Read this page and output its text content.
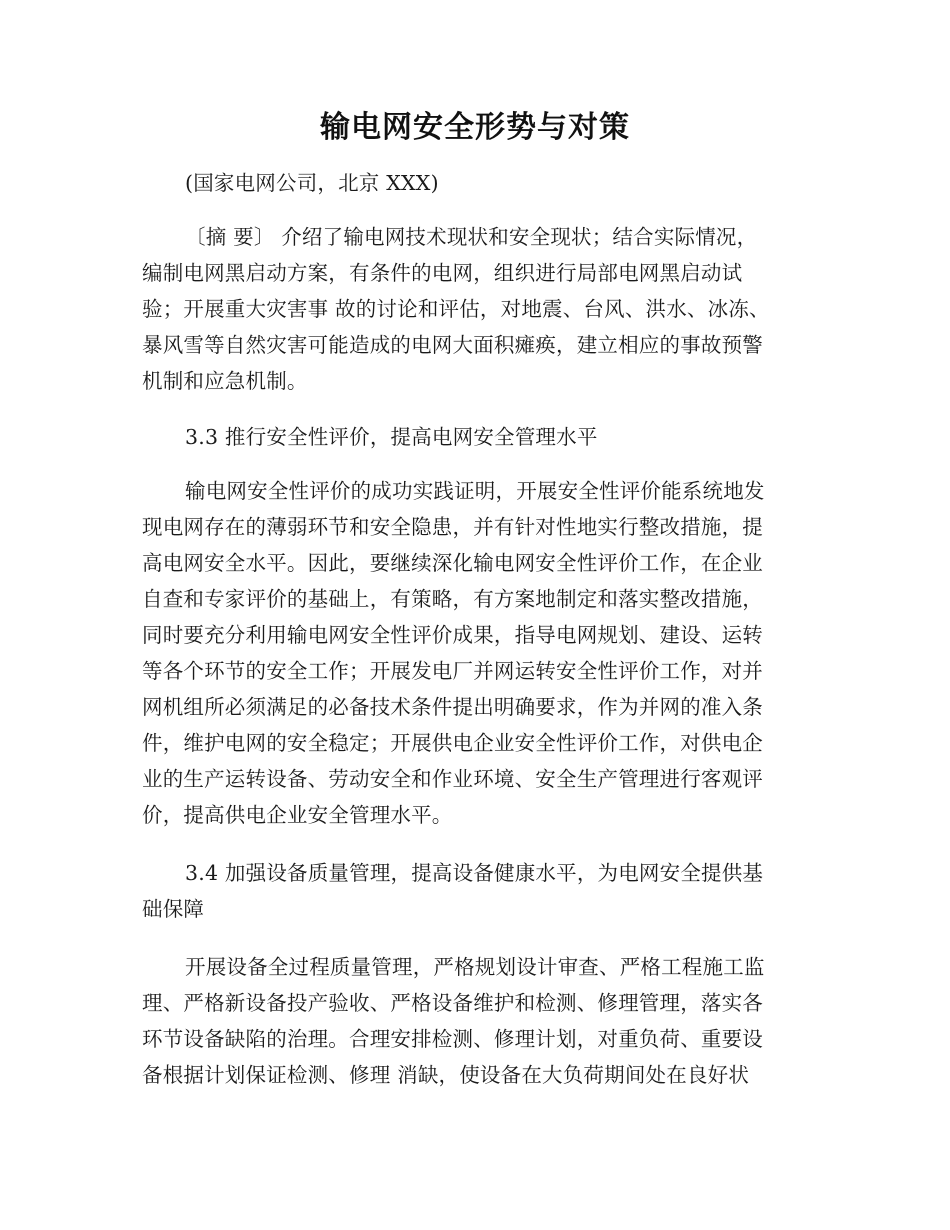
输电网安全形势与对策
(国家电网公司，北京 XXX)
〔摘 要〕 介绍了输电网技术现状和安全现状；结合实际情况，
编制电网黑启动方案，有条件的电网，组织进行局部电网黑启动试
验；开展重大灾害事 故的讨论和评估，对地震、台风、洪水、冰冻、
暴风雪等自然灾害可能造成的电网大面积瘫痪，建立相应的事故预警
机制和应急机制。
3.3 推行安全性评价，提高电网安全管理水平
输电网安全性评价的成功实践证明，开展安全性评价能系统地发
现电网存在的薄弱环节和安全隐患，并有针对性地实行整改措施，提
高电网安全水平。因此，要继续深化输电网安全性评价工作，在企业
自查和专家评价的基础上，有策略，有方案地制定和落实整改措施，
同时要充分利用输电网安全性评价成果，指导电网规划、建设、运转
等各个环节的安全工作；开展发电厂并网运转安全性评价工作，对并
网机组所必须满足的必备技术条件提出明确要求，作为并网的准入条
件，维护电网的安全稳定；开展供电企业安全性评价工作，对供电企
业的生产运转设备、劳动安全和作业环境、安全生产管理进行客观评
价，提高供电企业安全管理水平。
3.4 加强设备质量管理，提高设备健康水平，为电网安全提供基
础保障
开展设备全过程质量管理，严格规划设计审查、严格工程施工监
理、严格新设备投产验收、严格设备维护和检测、修理管理，落实各
环节设备缺陷的治理。合理安排检测、修理计划，对重负荷、重要设
备根据计划保证检测、修理 消缺，使设备在大负荷期间处在良好状
